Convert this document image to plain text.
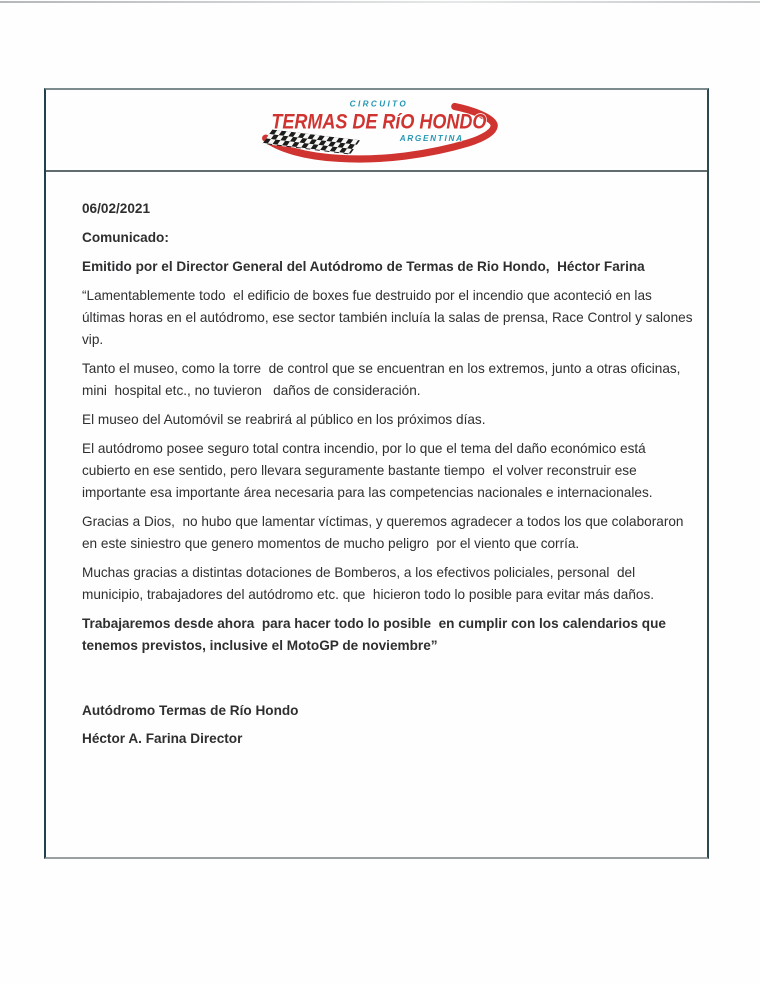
CIRCUITO
TERMAS DE RíO HONDO
ARGENTINA

06/02/2021

Comunicado:

Emitido por el Director General del Autódromo de Termas de Rio Hondo,  Héctor Farina

“Lamentablemente todo  el edificio de boxes fue destruido por el incendio que aconteció en las últimas horas en el autódromo, ese sector también incluía la salas de prensa, Race Control y salones vip.

Tanto el museo, como la torre  de control que se encuentran en los extremos, junto a otras oficinas, mini  hospital etc., no tuvieron   daños de consideración.

El museo del Automóvil se reabrirá al público en los próximos días.

El autódromo posee seguro total contra incendio, por lo que el tema del daño económico está cubierto en ese sentido, pero llevara seguramente bastante tiempo  el volver reconstruir ese importante esa importante área necesaria para las competencias nacionales e internacionales.

Gracias a Dios,  no hubo que lamentar víctimas, y queremos agradecer a todos los que colaboraron en este siniestro que genero momentos de mucho peligro  por el viento que corría.

Muchas gracias a distintas dotaciones de Bomberos, a los efectivos policiales, personal  del municipio, trabajadores del autódromo etc. que  hicieron todo lo posible para evitar más daños.

Trabajaremos desde ahora  para hacer todo lo posible  en cumplir con los calendarios que tenemos previstos, inclusive el MotoGP de noviembre”

Autódromo Termas de Río Hondo

Héctor A. Farina Director
